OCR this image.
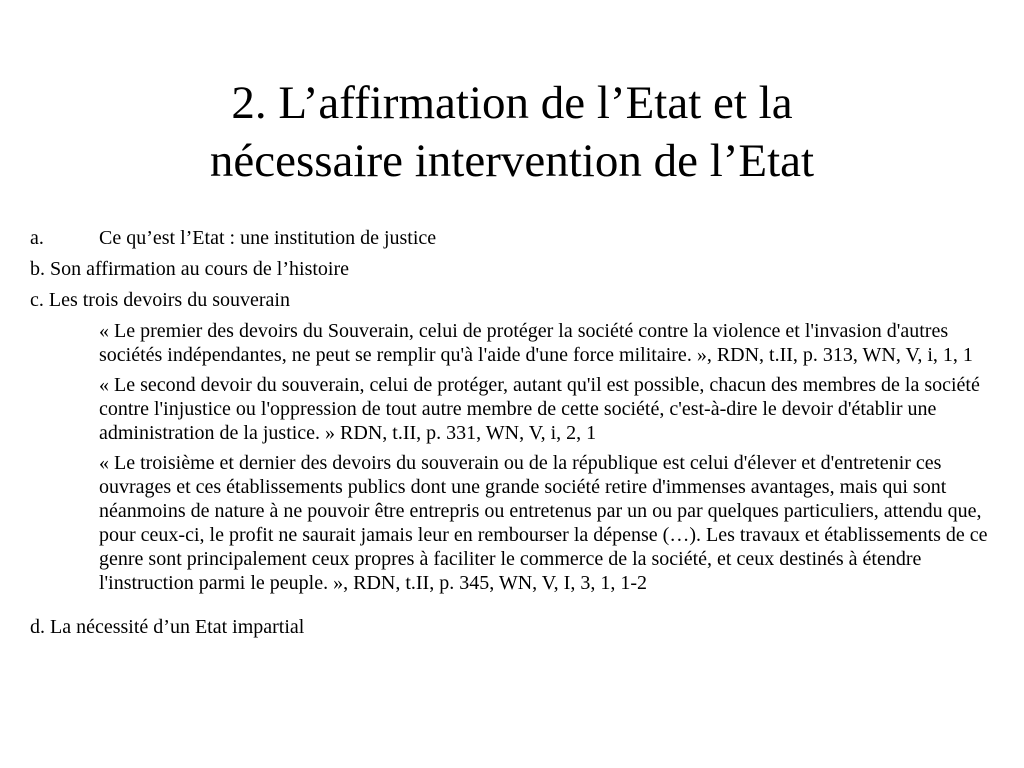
2. L’affirmation de l’Etat et la
nécessaire intervention de l’Etat
a.	Ce qu’est l’Etat : une institution de justice
b. Son affirmation au cours de l’histoire
c. Les trois devoirs du souverain
« Le premier des devoirs du Souverain, celui de protéger la société contre la violence et l'invasion d'autres sociétés indépendantes, ne peut se remplir qu'à l'aide d'une force militaire. », RDN, t.II, p. 313, WN, V, i, 1, 1
« Le second devoir du souverain, celui de protéger, autant qu'il est possible, chacun des membres de la société contre l'injustice ou l'oppression de tout autre membre de cette société, c'est-à-dire le devoir d'établir une administration de la justice. » RDN, t.II, p. 331, WN, V, i, 2, 1
« Le troisième et dernier des devoirs du souverain ou de la république est celui d'élever et d'entretenir ces ouvrages et ces établissements publics dont une grande société retire d'immenses avantages, mais qui sont néanmoins de nature à ne pouvoir être entrepris ou entretenus par un ou par quelques particuliers, attendu que, pour ceux-ci, le profit ne saurait jamais leur en rembourser la dépense (…). Les travaux et établissements de ce genre sont principalement ceux propres à faciliter le commerce de la société, et ceux destinés à étendre l'instruction parmi le peuple. », RDN, t.II, p. 345, WN, V, I, 3, 1, 1-2
d. La nécessité d’un Etat impartial
